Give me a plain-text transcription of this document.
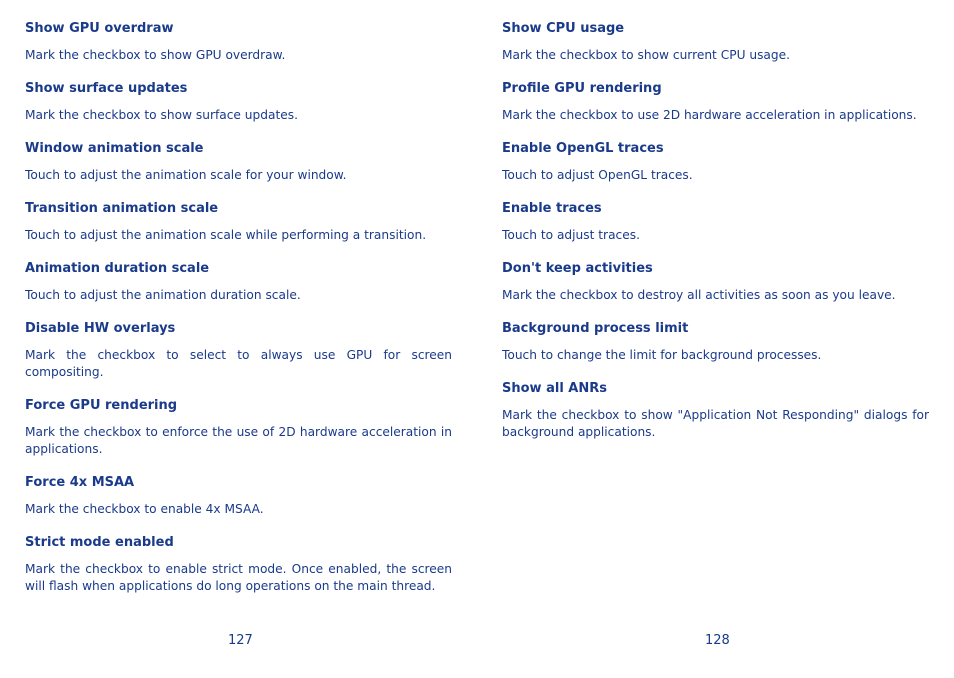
Show GPU overdraw

Mark the checkbox to show GPU overdraw.

Show surface updates

Mark the checkbox to show surface updates.

Window animation scale

Touch to adjust the animation scale for your window.

Transition animation scale

Touch to adjust the animation scale while performing a transition.

Animation duration scale

Touch to adjust the animation duration scale.

Disable HW overlays

Mark the checkbox to select to always use GPU for screen compositing.

Force GPU rendering

Mark the checkbox to enforce the use of 2D hardware acceleration in applications.

Force 4x MSAA

Mark the checkbox to enable 4x MSAA.

Strict mode enabled

Mark the checkbox to enable strict mode. Once enabled, the screen will flash when applications do long operations on the main thread.

Show CPU usage

Mark the checkbox to show current CPU usage.

Profile GPU rendering

Mark the checkbox to use 2D hardware acceleration in applications.

Enable OpenGL traces

Touch to adjust OpenGL traces.

Enable traces

Touch to adjust traces.

Don't keep activities

Mark the checkbox to destroy all activities as soon as you leave.

Background process limit

Touch to change the limit for background processes.

Show all ANRs

Mark the checkbox to show "Application Not Responding" dialogs for background applications.

127	128
